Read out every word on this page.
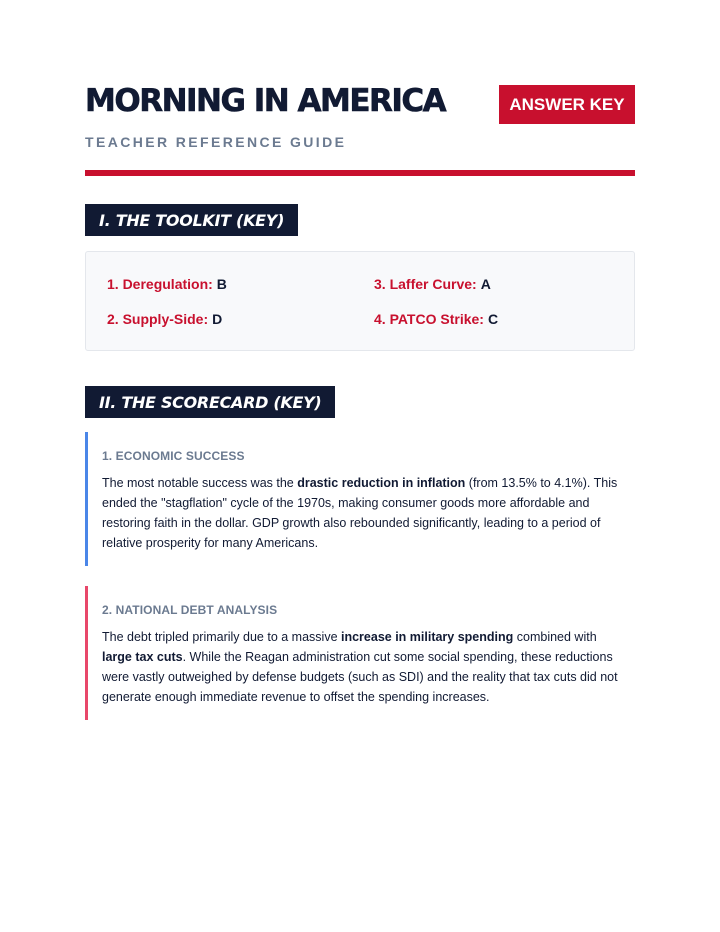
MORNING IN AMERICA	ANSWER KEY
TEACHER REFERENCE GUIDE
I. THE TOOLKIT (KEY)
1. Deregulation: B
2. Supply-Side: D
3. Laffer Curve: A
4. PATCO Strike: C
II. THE SCORECARD (KEY)
1. ECONOMIC SUCCESS

The most notable success was the drastic reduction in inflation (from 13.5% to 4.1%). This ended the "stagflation" cycle of the 1970s, making consumer goods more affordable and restoring faith in the dollar. GDP growth also rebounded significantly, leading to a period of relative prosperity for many Americans.

2. NATIONAL DEBT ANALYSIS

The debt tripled primarily due to a massive increase in military spending combined with large tax cuts. While the Reagan administration cut some social spending, these reductions were vastly outweighed by defense budgets (such as SDI) and the reality that tax cuts did not generate enough immediate revenue to offset the spending increases.
